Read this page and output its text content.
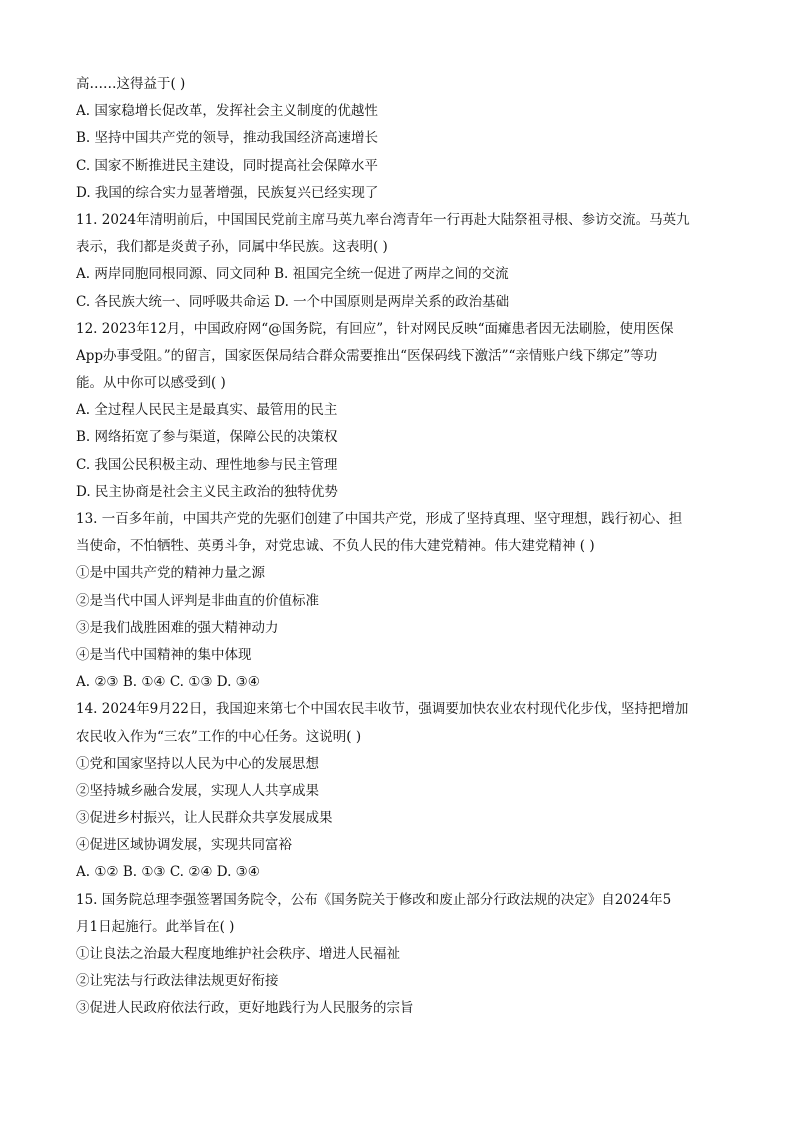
高……这得益于( )
A. 国家稳增长促改革，发挥社会主义制度的优越性
B. 坚持中国共产党的领导，推动我国经济高速增长
C. 国家不断推进民主建设，同时提高社会保障水平
D. 我国的综合实力显著增强，民族复兴已经实现了
11. 2024年清明前后，中国国民党前主席马英九率台湾青年一行再赴大陆祭祖寻根、参访交流。马英九
表示，我们都是炎黄子孙，同属中华民族。这表明( )
A. 两岸同胞同根同源、同文同种 B. 祖国完全统一促进了两岸之间的交流
C. 各民族大统一、同呼吸共命运 D. 一个中国原则是两岸关系的政治基础
12. 2023年12月，中国政府网“@国务院，有回应”，针对网民反映“面瘫患者因无法刷脸，使用医保
App办事受阻。”的留言，国家医保局结合群众需要推出“医保码线下激活”“亲情账户线下绑定”等功
能。从中你可以感受到( )
A. 全过程人民民主是最真实、最管用的民主
B. 网络拓宽了参与渠道，保障公民的决策权
C. 我国公民积极主动、理性地参与民主管理
D. 民主协商是社会主义民主政治的独特优势
13. 一百多年前，中国共产党的先驱们创建了中国共产党，形成了坚持真理、坚守理想，践行初心、担
当使命，不怕牺牲、英勇斗争，对党忠诚、不负人民的伟大建党精神。伟大建党精神 ( )
①是中国共产党的精神力量之源
②是当代中国人评判是非曲直的价值标准
③是我们战胜困难的强大精神动力
④是当代中国精神的集中体现
A. ②③ B. ①④ C. ①③ D. ③④
14. 2024年9月22日，我国迎来第七个中国农民丰收节，强调要加快农业农村现代化步伐，坚持把增加
农民收入作为“三农”工作的中心任务。这说明( )
①党和国家坚持以人民为中心的发展思想
②坚持城乡融合发展，实现人人共享成果
③促进乡村振兴，让人民群众共享发展成果
④促进区域协调发展，实现共同富裕
A. ①② B. ①③ C. ②④ D. ③④
15. 国务院总理李强签署国务院令，公布《国务院关于修改和废止部分行政法规的决定》自2024年5
月1日起施行。此举旨在( )
①让良法之治最大程度地维护社会秩序、增进人民福祉
②让宪法与行政法律法规更好衔接
③促进人民政府依法行政，更好地践行为人民服务的宗旨
